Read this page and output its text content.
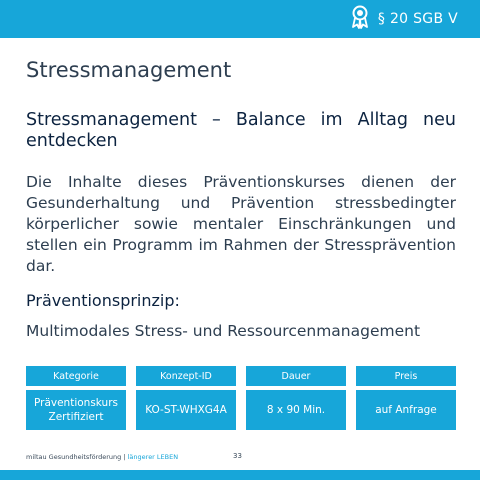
§ 20 SGB V
Stressmanagement
Stressmanagement – Balance im Alltag neu entdecken
Die Inhalte dieses Präventionskurses dienen der Gesunderhaltung und Prävention stressbedingter körperlicher sowie mentaler Einschränkungen und stellen ein Programm im Rahmen der Stressprävention dar.
Präventionsprinzip:
Multimodales Stress- und Ressourcenmanagement
Kategorie
Präventionskurs Zertifiziert
Konzept-ID
KO-ST-WHXG4A
Dauer
8 x 90 Min.
Preis
auf Anfrage
miltau Gesundheitsförderung | längerer LEBEN	33
